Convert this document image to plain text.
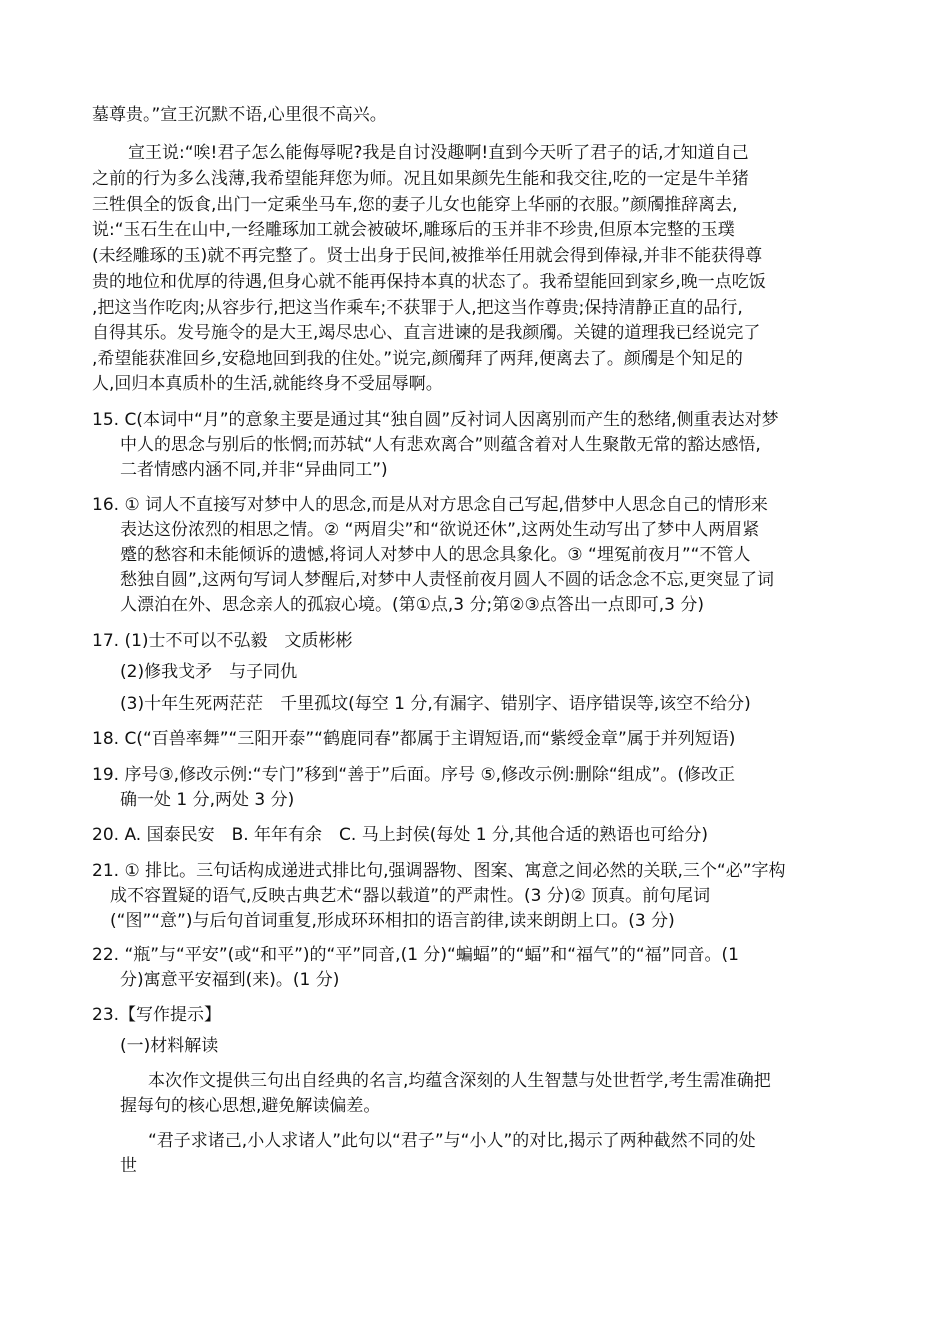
墓尊贵。”宣王沉默不语,心里很不高兴。

宣王说:“唉!君子怎么能侮辱呢?我是自讨没趣啊!直到今天听了君子的话,才知道自己

之前的行为多么浅薄,我希望能拜您为师。况且如果颜先生能和我交往,吃的一定是牛羊猪

三牲俱全的饭食,出门一定乘坐马车,您的妻子儿女也能穿上华丽的衣服。”颜斶推辞离去,

说:“玉石生在山中,一经雕琢加工就会被破坏,雕琢后的玉并非不珍贵,但原本完整的玉璞

(未经雕琢的玉)就不再完整了。贤士出身于民间,被推举任用就会得到俸禄,并非不能获得尊

贵的地位和优厚的待遇,但身心就不能再保持本真的状态了。我希望能回到家乡,晚一点吃饭

,把这当作吃肉;从容步行,把这当作乘车;不获罪于人,把这当作尊贵;保持清静正直的品行,

自得其乐。发号施令的是大王,竭尽忠心、直言进谏的是我颜斶。关键的道理我已经说完了

,希望能获准回乡,安稳地回到我的住处。”说完,颜斶拜了两拜,便离去了。颜斶是个知足的

人,回归本真质朴的生活,就能终身不受屈辱啊。

15. C(本词中“月”的意象主要是通过其“独自圆”反衬词人因离别而产生的愁绪,侧重表达对梦

中人的思念与别后的怅惘;而苏轼“人有悲欢离合”则蕴含着对人生聚散无常的豁达感悟,

二者情感内涵不同,并非“异曲同工”)

16. ① 词人不直接写对梦中人的思念,而是从对方思念自己写起,借梦中人思念自己的情形来

表达这份浓烈的相思之情。② “两眉尖”和“欲说还休”,这两处生动写出了梦中人两眉紧

蹙的愁容和未能倾诉的遗憾,将词人对梦中人的思念具象化。③ “埋冤前夜月”“不管人

愁独自圆”,这两句写词人梦醒后,对梦中人责怪前夜月圆人不圆的话念念不忘,更突显了词

人漂泊在外、思念亲人的孤寂心境。(第①点,3 分;第②③点答出一点即可,3 分)

17. (1)士不可以不弘毅　文质彬彬

(2)修我戈矛　与子同仇

(3)十年生死两茫茫　千里孤坟(每空 1 分,有漏字、错别字、语序错误等,该空不给分)

18. C(“百兽率舞”“三阳开泰”“鹤鹿同春”都属于主谓短语,而“紫绶金章”属于并列短语)

19. 序号③,修改示例:“专门”移到“善于”后面。序号 ⑤,修改示例:删除“组成”。(修改正

确一处 1 分,两处 3 分)

20. A. 国泰民安　B. 年年有余　C. 马上封侯(每处 1 分,其他合适的熟语也可给分)

21. ① 排比。三句话构成递进式排比句,强调器物、图案、寓意之间必然的关联,三个“必”字构

成不容置疑的语气,反映古典艺术“器以载道”的严肃性。(3 分)② 顶真。前句尾词

(“图”“意”)与后句首词重复,形成环环相扣的语言韵律,读来朗朗上口。(3 分)

22. “瓶”与“平安”(或“和平”)的“平”同音,(1 分)“蝙蝠”的“蝠”和“福气”的“福”同音。(1

分)寓意平安福到(来)。(1 分)

23.【写作提示】

(一)材料解读

本次作文提供三句出自经典的名言,均蕴含深刻的人生智慧与处世哲学,考生需准确把

握每句的核心思想,避免解读偏差。

“君子求诸己,小人求诸人”此句以“君子”与“小人”的对比,揭示了两种截然不同的处

世
